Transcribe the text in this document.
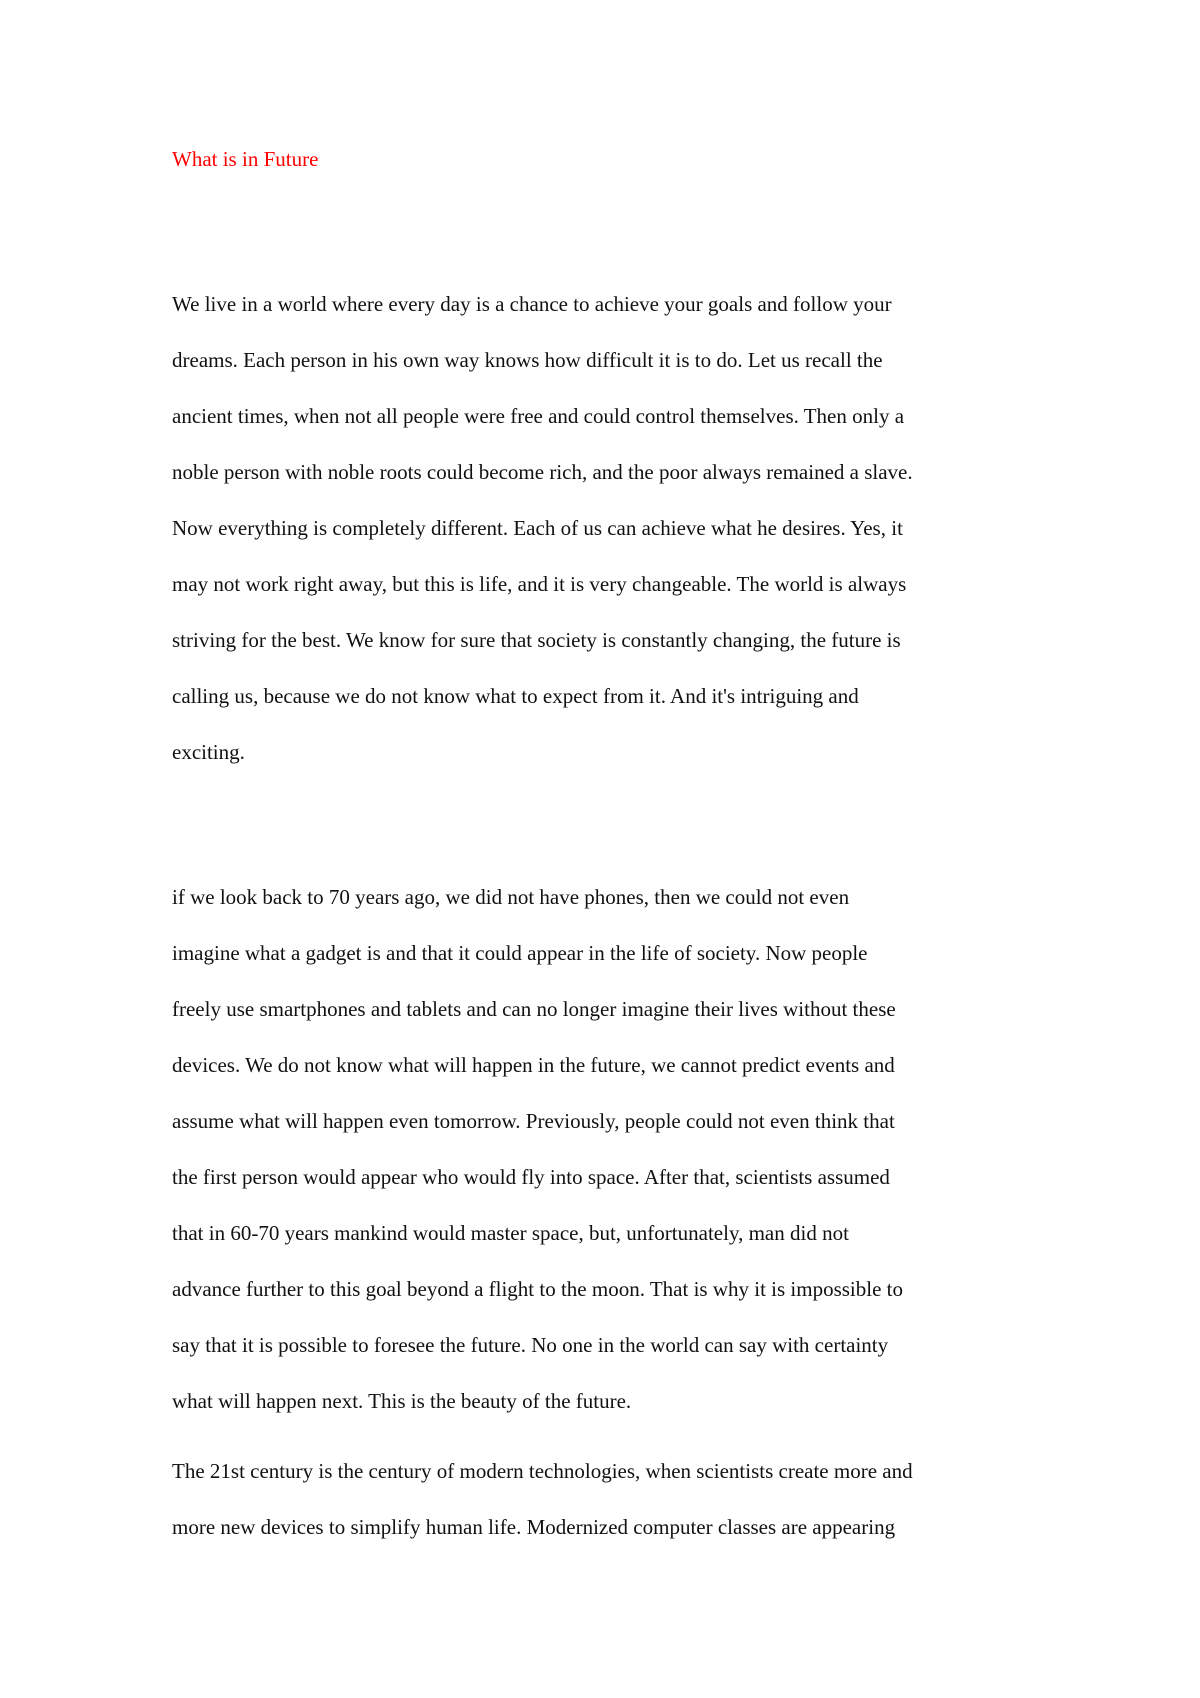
What is in Future
We live in a world where every day is a chance to achieve your goals and follow your
dreams. Each person in his own way knows how difficult it is to do. Let us recall the
ancient times, when not all people were free and could control themselves. Then only a
noble person with noble roots could become rich, and the poor always remained a slave.
Now everything is completely different. Each of us can achieve what he desires. Yes, it
may not work right away, but this is life, and it is very changeable. The world is always
striving for the best. We know for sure that society is constantly changing, the future is
calling us, because we do not know what to expect from it. And it's intriguing and
exciting.
if we look back to 70 years ago, we did not have phones, then we could not even
imagine what a gadget is and that it could appear in the life of society. Now people
freely use smartphones and tablets and can no longer imagine their lives without these
devices. We do not know what will happen in the future, we cannot predict events and
assume what will happen even tomorrow. Previously, people could not even think that
the first person would appear who would fly into space. After that, scientists assumed
that in 60-70 years mankind would master space, but, unfortunately, man did not
advance further to this goal beyond a flight to the moon. That is why it is impossible to
say that it is possible to foresee the future. No one in the world can say with certainty
what will happen next. This is the beauty of the future.
The 21st century is the century of modern technologies, when scientists create more and
more new devices to simplify human life. Modernized computer classes are appearing
